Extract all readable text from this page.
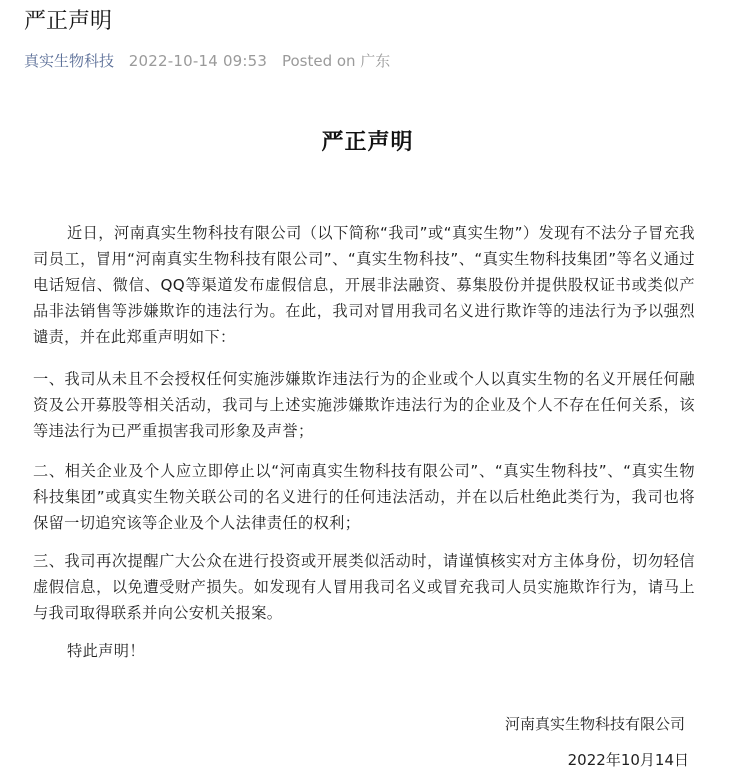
严正声明
真实生物科技 2022-10-14 09:53 Posted on 广东
严正声明

近日，河南真实生物科技有限公司（以下简称“我司”或“真实生物”）发现有不法分子冒充我司员工，冒用“河南真实生物科技有限公司”、“真实生物科技”、“真实生物科技集团”等名义通过电话短信、微信、QQ等渠道发布虚假信息，开展非法融资、募集股份并提供股权证书或类似产品非法销售等涉嫌欺诈的违法行为。在此，我司对冒用我司名义进行欺诈等的违法行为予以强烈谴责，并在此郑重声明如下：

一、我司从未且不会授权任何实施涉嫌欺诈违法行为的企业或个人以真实生物的名义开展任何融资及公开募股等相关活动，我司与上述实施涉嫌欺诈违法行为的企业及个人不存在任何关系，该等违法行为已严重损害我司形象及声誉；

二、相关企业及个人应立即停止以“河南真实生物科技有限公司”、“真实生物科技”、“真实生物科技集团”或真实生物关联公司的名义进行的任何违法活动，并在以后杜绝此类行为，我司也将保留一切追究该等企业及个人法律责任的权利；

三、我司再次提醒广大公众在进行投资或开展类似活动时，请谨慎核实对方主体身份，切勿轻信虚假信息，以免遭受财产损失。如发现有人冒用我司名义或冒充我司人员实施欺诈行为，请马上与我司取得联系并向公安机关报案。

特此声明！

河南真实生物科技有限公司
2022年10月14日
